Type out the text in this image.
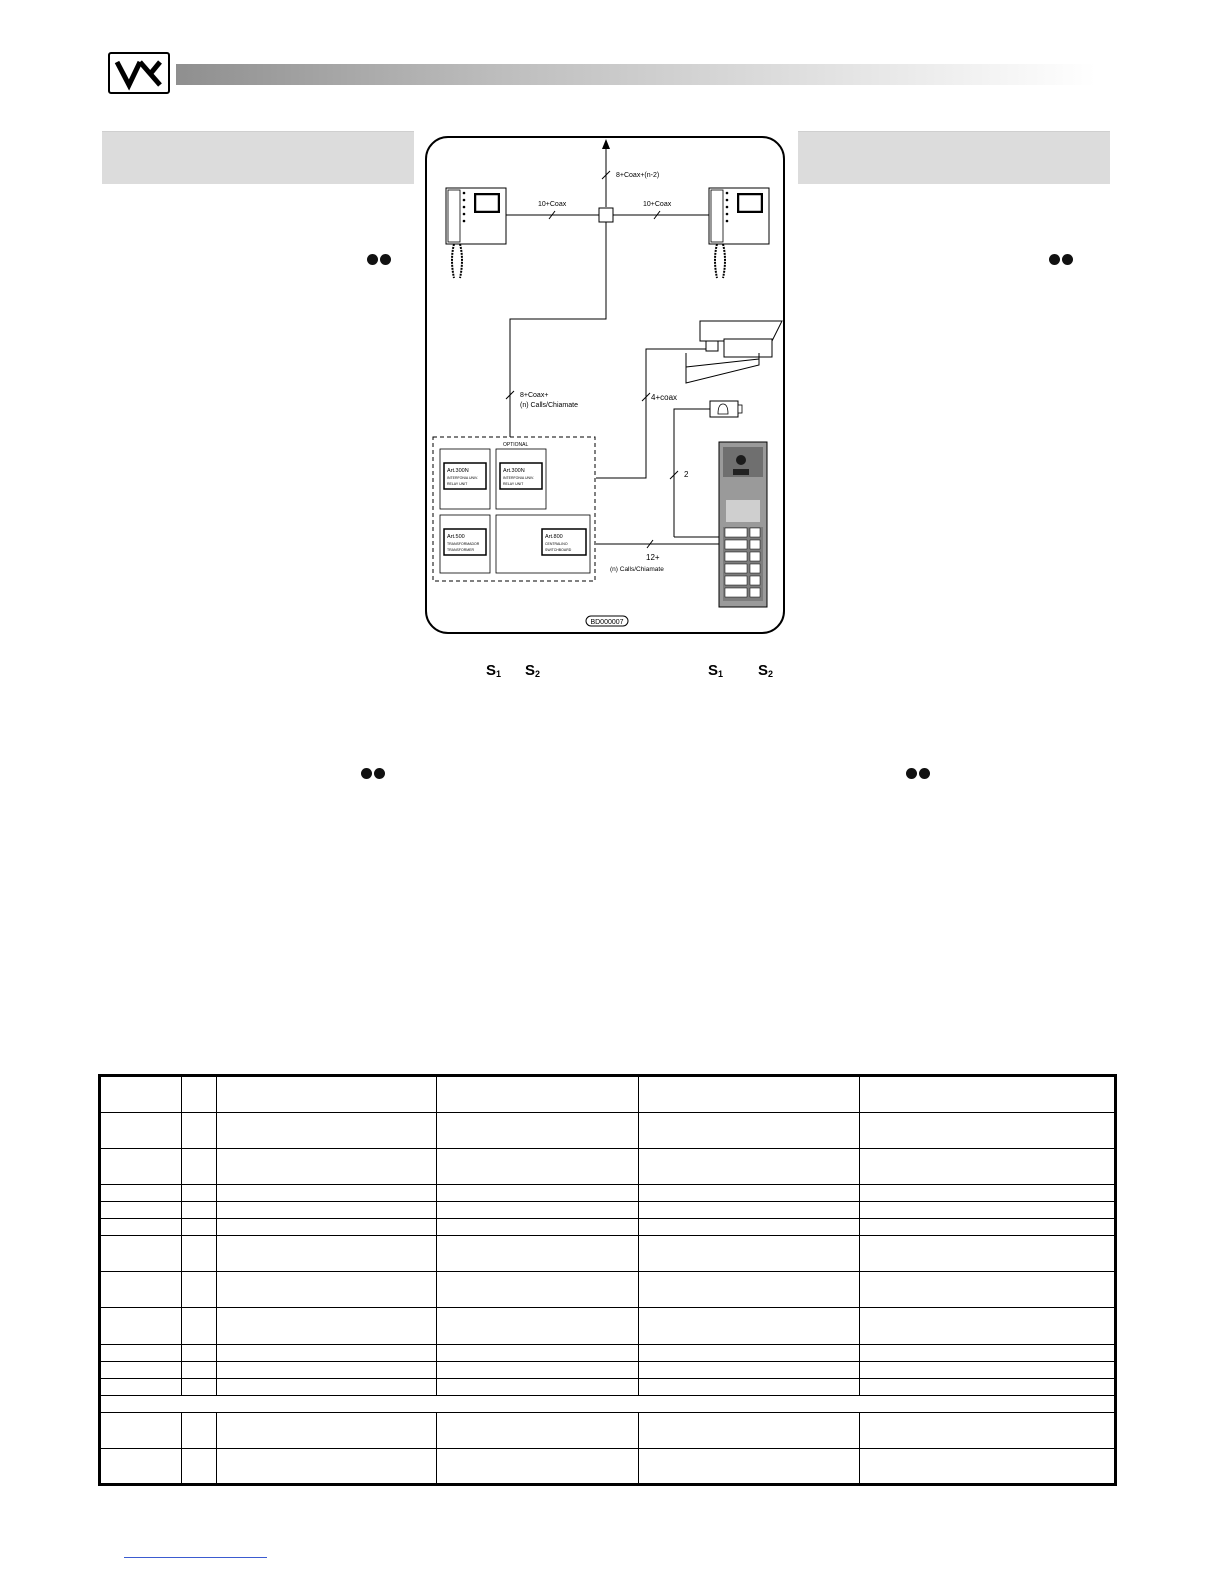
$S_1$ $S_2$	$S_1$ $S_2$
8+Coax+(n-2)
10+Coax	10+Coax
8+Coax+
(n) Calls/Chiamate
OPTIONAL
Art.300N
INTERFONIA UNIV.
RELAY UNIT
Art.300N
INTERFONIA UNIV.
RELAY UNIT
Art.500
TRANSFORMADOR
TRANSFORMER
Art.800
CENTRALINO
SWITCHBOARD
4+coax
2
12+
(n) Calls/Chiamate
BD000007
